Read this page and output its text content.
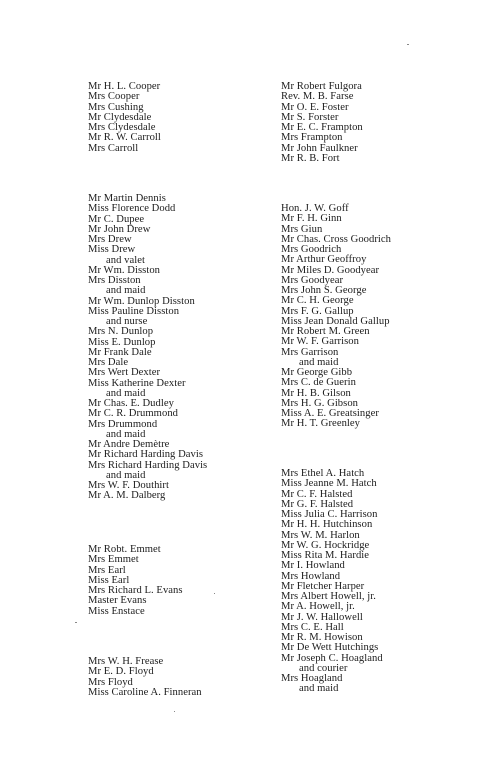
Mr H. L. Cooper
Mrs Cooper
Mrs Cushing
Mr Clydesdale
Mrs Clydesdale
Mr R. W. Carroll
Mrs Carroll
Mr Martin Dennis
Miss Florence Dodd
Mr C. Dupee
Mr John Drew
Mrs Drew
Miss Drew
and valet
Mr Wm. Disston
Mrs Disston
and maid
Mr Wm. Dunlop Disston
Miss Pauline Disston
and nurse
Mrs N. Dunlop
Miss E. Dunlop
Mr Frank Dale
Mrs Dale
Mrs Wert Dexter
Miss Katherine Dexter
and maid
Mr Chas. E. Dudley
Mr C. R. Drummond
Mrs Drummond
and maid
Mr Andre Demètre
Mr Richard Harding Davis
Mrs Richard Harding Davis
and maid
Mrs W. F. Douthirt
Mr A. M. Dalberg
Mr Robt. Emmet
Mrs Emmet
Mrs Earl
Miss Earl
Mrs Richard L. Evans
Master Evans
Miss Enstace
Mrs W. H. Frease
Mr E. D. Floyd
Mrs Floyd
Miss Caroline A. Finneran
Mr Robert Fulgora
Rev. M. B. Farse
Mr O. E. Foster
Mr S. Forster
Mr E. C. Frampton
Mrs Frampton
Mr John Faulkner
Mr R. B. Fort
Hon. J. W. Goff
Mr F. H. Ginn
Mrs Giun
Mr Chas. Cross Goodrich
Mrs Goodrich
Mr Arthur Geoffroy
Mr Miles D. Goodyear
Mrs Goodyear
Mrs John S. George
Mr C. H. George
Mrs F. G. Gallup
Miss Jean Donald Gallup
Mr Robert M. Green
Mr W. F. Garrison
Mrs Garrison
and maid
Mr George Gibb
Mrs C. de Guerin
Mr H. B. Gilson
Mrs H. G. Gibson
Miss A. E. Greatsinger
Mr H. T. Greenley
Mrs Ethel A. Hatch
Miss Jeanne M. Hatch
Mr C. F. Halsted
Mr G. F. Halsted
Miss Julia C. Harrison
Mr H. H. Hutchinson
Mrs W. M. Harlon
Mr W. G. Hockridge
Miss Rita M. Hardie
Mr I. Howland
Mrs Howland
Mr Fletcher Harper
Mrs Albert Howell, jr.
Mr A. Howell, jr.
Mr J. W. Hallowell
Mrs C. E. Hall
Mr R. M. Howison
Mr De Wett Hutchings
Mr Joseph C. Hoagland
and courier
Mrs Hoagland
and maid
